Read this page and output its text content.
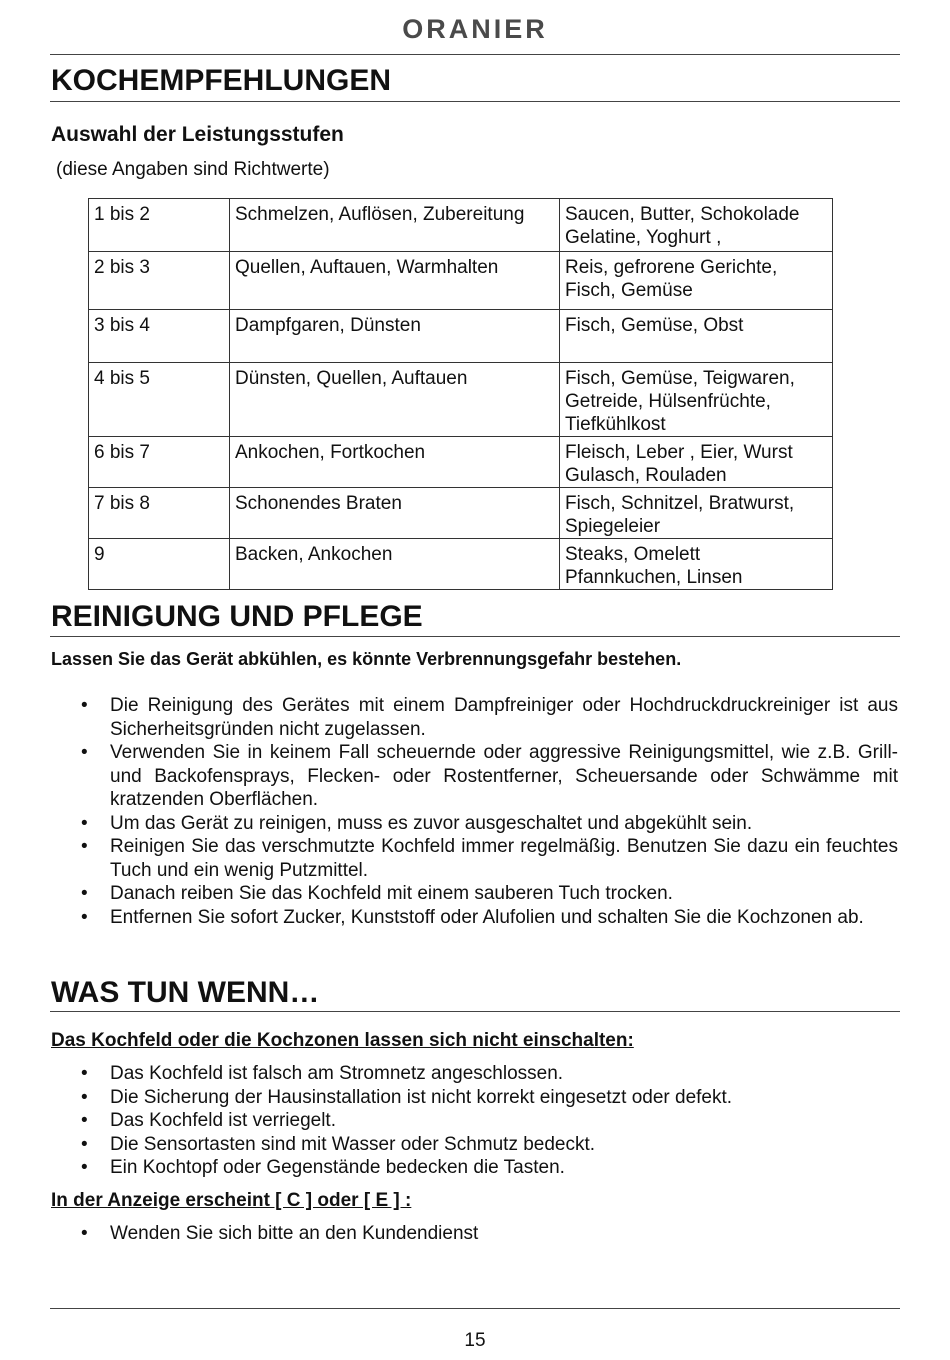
ORANIER
KOCHEMPFEHLUNGEN
Auswahl der Leistungsstufen
(diese Angaben sind Richtwerte)
1 bis 2	Schmelzen, Auflösen, Zubereitung	Saucen, Butter, Schokolade
Gelatine, Yoghurt ,
2 bis 3	Quellen, Auftauen, Warmhalten	Reis, gefrorene Gerichte,
Fisch, Gemüse
3 bis 4	Dampfgaren, Dünsten	Fisch, Gemüse, Obst
4 bis 5	Dünsten, Quellen, Auftauen	Fisch, Gemüse, Teigwaren,
Getreide, Hülsenfrüchte,
Tiefkühlkost
6 bis 7	Ankochen, Fortkochen	Fleisch, Leber , Eier, Wurst
Gulasch, Rouladen
7 bis 8	Schonendes Braten	Fisch, Schnitzel, Bratwurst,
Spiegeleier
9	Backen, Ankochen	Steaks, Omelett
Pfannkuchen, Linsen
REINIGUNG UND PFLEGE
Lassen Sie das Gerät abkühlen, es könnte Verbrennungsgefahr bestehen.
• Die Reinigung des Gerätes mit einem Dampfreiniger oder Hochdruckdruckreiniger ist aus Sicherheitsgründen nicht zugelassen.
• Verwenden Sie in keinem Fall scheuernde oder aggressive Reinigungsmittel, wie z.B. Grill- und Backofensprays, Flecken- oder Rostentferner, Scheuersande oder Schwämme mit kratzenden Oberflächen.
• Um das Gerät zu reinigen, muss es zuvor ausgeschaltet und abgekühlt sein.
• Reinigen Sie das verschmutzte Kochfeld immer regelmäßig. Benutzen Sie dazu ein feuchtes Tuch und ein wenig Putzmittel.
• Danach reiben Sie das Kochfeld mit einem sauberen Tuch trocken.
• Entfernen Sie sofort Zucker, Kunststoff oder Alufolien und schalten Sie die Kochzonen ab.
WAS TUN WENN…
Das Kochfeld oder die Kochzonen lassen sich nicht einschalten:
• Das Kochfeld ist falsch am Stromnetz angeschlossen.
• Die Sicherung der Hausinstallation ist nicht korrekt eingesetzt oder defekt.
• Das Kochfeld ist verriegelt.
• Die Sensortasten sind mit Wasser oder Schmutz bedeckt.
• Ein Kochtopf oder Gegenstände bedecken die Tasten.
In der Anzeige erscheint [ C ] oder [ E ] :
• Wenden Sie sich bitte an den Kundendienst
15
